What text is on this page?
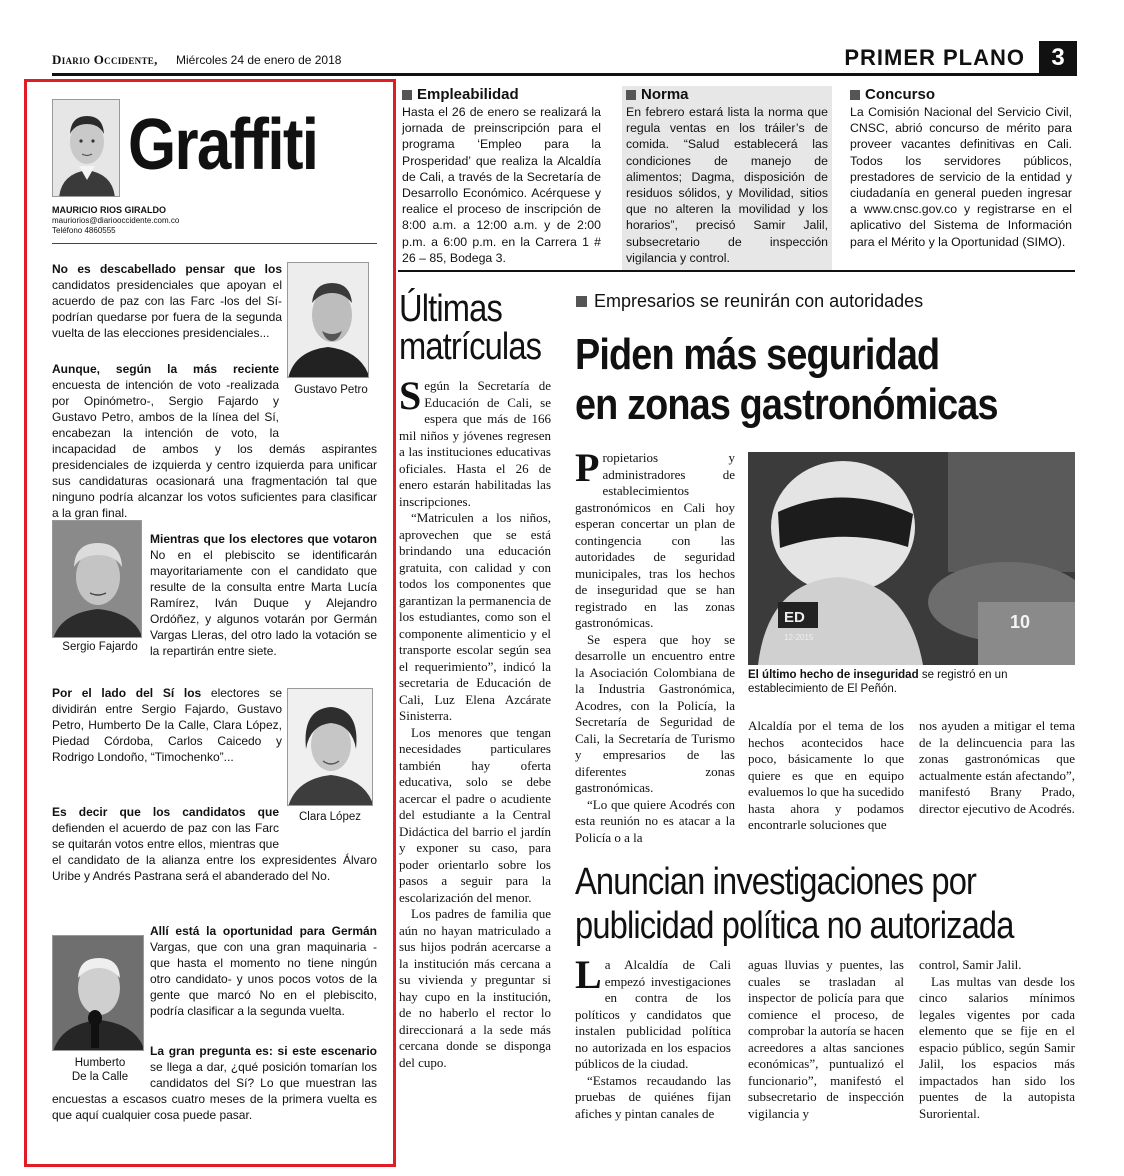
Diario Occidente, Miércoles 24 de enero de 2018	PRIMER PLANO	3
Graffiti
MAURICIO RIOS GIRALDO
mauriorios@diariooccidente.com.co
Teléfono 4860555
Gustavo Petro
Sergio Fajardo
Clara López
Humberto
De la Calle
No es descabellado pensar que los candidatos presidenciales que apoyan el acuerdo de paz con las Farc -los del Sí- podrían quedarse por fuera de la segunda vuelta de las elecciones presidenciales...
Aunque, según la más reciente encuesta de intención de voto -realizada por Opinómetro-, Sergio Fajardo y Gustavo Petro, ambos de la línea del Sí, encabezan la intención de voto, la incapacidad de ambos y los demás aspirantes presidenciales de izquierda y centro izquierda para unificar sus candidaturas ocasionará una fragmentación tal que ninguno podría alcanzar los votos suficientes para clasificar a la gran final.
Mientras que los electores que votaron No en el plebiscito se identificarán mayoritariamente con el candidato que resulte de la consulta entre Marta Lucía Ramírez, Iván Duque y Alejandro Ordóñez, y algunos votarán por Germán Vargas Lleras, del otro lado la votación se la repartirán entre siete.
Por el lado del Sí los electores se dividirán entre Sergio Fajardo, Gustavo Petro, Humberto De la Calle, Clara López, Piedad Córdoba, Carlos Caicedo y Rodrigo Londoño, “Timochenko”...
Es decir que los candidatos que defienden el acuerdo de paz con las Farc se quitarán votos entre ellos, mientras que el candidato de la alianza entre los expresidentes Álvaro Uribe y Andrés Pastrana será el abanderado del No.
Allí está la oportunidad para Germán Vargas, que con una gran maquinaria -que hasta el momento no tiene ningún otro candidato- y unos pocos votos de la gente que marcó No en el plebiscito, podría clasificar a la segunda vuelta.
La gran pregunta es: si este escenario se llega a dar, ¿qué posición tomarían los candidatos del Sí? Lo que muestran las encuestas a escasos cuatro meses de la primera vuelta es que aquí cualquier cosa puede pasar.
Empleabilidad
Hasta el 26 de enero se realizará la jornada de preinscripción para el programa ‘Empleo para la Prosperidad’ que realiza la Alcaldía de Cali, a través de la Secretaría de Desarrollo Económico. Acérquese y realice el proceso de inscripción de 8:00 a.m. a 12:00 a.m. y de 2:00 p.m. a 6:00 p.m. en la Carrera 1 # 26 – 85, Bodega 3.
Norma
En febrero estará lista la norma que regula ventas en los tráiler’s de comida. “Salud establecerá las condiciones de manejo de alimentos; Dagma, disposición de residuos sólidos, y Movilidad, sitios que no alteren la movilidad y los horarios”, precisó Samir Jalil, subsecretario de inspección vigilancia y control.
Concurso
La Comisión Nacional del Servicio Civil, CNSC, abrió concurso de mérito para proveer vacantes definitivas en Cali. Todos los servidores públicos, prestadores de servicio de la entidad y ciudadanía en general pueden ingresar a www.cnsc.gov.co y registrarse en el aplicativo del Sistema de Información para el Mérito y la Oportunidad (SIMO).
Últimas
matrículas
Según la Secretaría de Educación de Cali, se espera que más de 166 mil niños y jóvenes regresen a las instituciones educativas oficiales. Hasta el 26 de enero estarán habilitadas las inscripciones.
“Matriculen a los niños, aprovechen que se está brindando una educación gratuita, con calidad y con todos los componentes que garantizan la permanencia de los estudiantes, como son el componente alimenticio y el transporte escolar según sea el requerimiento”, indicó la secretaria de Educación de Cali, Luz Elena Azcárate Sinisterra.
Los menores que tengan necesidades particulares también hay oferta educativa, solo se debe acercar el padre o acudiente del estudiante a la Central Didáctica del barrio el jardín y exponer su caso, para poder orientarlo sobre los pasos a seguir para la escolarización del menor.
Los padres de familia que aún no hayan matriculado a sus hijos podrán acercarse a la institución más cercana a su vivienda y preguntar si hay cupo en la institución, de no haberlo el rector lo direccionará a la sede más cercana donde se disponga del cupo.
Empresarios se reunirán con autoridades
Piden más seguridad
en zonas gastronómicas
Propietarios y administradores de establecimientos gastronómicos en Cali hoy esperan concertar un plan de contingencia con las autoridades de seguridad municipales, tras los hechos de inseguridad que se han registrado en las zonas gastronómicas.
Se espera que hoy se desarrolle un encuentro entre la Asociación Colombiana de la Industria Gastronómica, Acodres, con la Policía, la Secretaría de Seguridad de Cali, la Secretaría de Turismo y empresarios de las diferentes zonas gastronómicas.
“Lo que quiere Acodrés con esta reunión no es atacar a la Policía o a la
ED
12-2015
10
El último hecho de inseguridad se registró en un establecimiento de El Peñón.
Alcaldía por el tema de los hechos acontecidos hace poco, básicamente lo que quiere es que en equipo evaluemos lo que ha sucedido hasta ahora y podamos encontrarle soluciones que
nos ayuden a mitigar el tema de la delincuencia para las zonas gastronómicas que actualmente están afectando”, manifestó Brany Prado, director ejecutivo de Acodrés.
Anuncian investigaciones por
publicidad política no autorizada
La Alcaldía de Cali empezó investigaciones en contra de los políticos y candidatos que instalen publicidad política no autorizada en los espacios públicos de la ciudad.
“Estamos recaudando las pruebas de quiénes fijan afiches y pintan canales de
aguas lluvias y puentes, las cuales se trasladan al inspector de policía para que comience el proceso, de comprobar la autoría se hacen acreedores a altas sanciones económicas”, puntualizó el funcionario”, manifestó el subsecretario de inspección vigilancia y
control, Samir Jalil.
Las multas van desde los cinco salarios mínimos legales vigentes por cada elemento que se fije en el espacio público, según Samir Jalil, los espacios más impactados han sido los puentes de la autopista Suroriental.
